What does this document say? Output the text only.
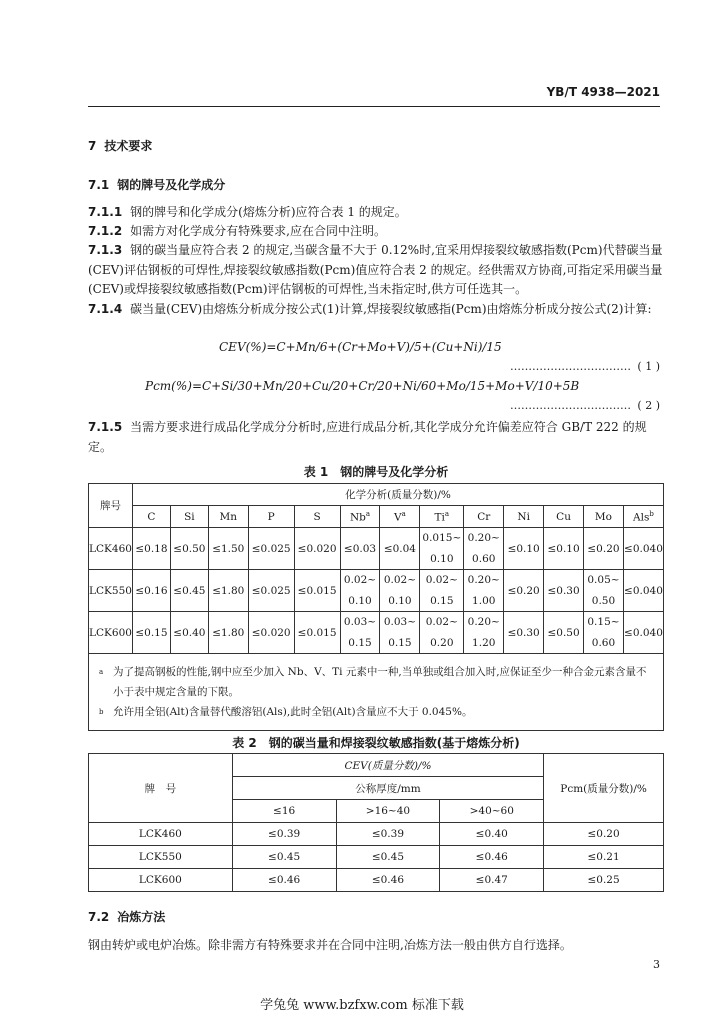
YB/T 4938—2021
7 技术要求
7.1 钢的牌号及化学成分
7.1.1 钢的牌号和化学成分(熔炼分析)应符合表 1 的规定。
7.1.2 如需方对化学成分有特殊要求,应在合同中注明。
7.1.3 钢的碳当量应符合表 2 的规定,当碳含量不大于 0.12%时,宜采用焊接裂纹敏感指数(Pcm)代替碳当量(CEV)评估钢板的可焊性,焊接裂纹敏感指数(Pcm)值应符合表 2 的规定。经供需双方协商,可指定采用碳当量(CEV)或焊接裂纹敏感指数(Pcm)评估钢板的可焊性,当未指定时,供方可任选其一。
7.1.4 碳当量(CEV)由熔炼分析成分按公式(1)计算,焊接裂纹敏感指(Pcm)由熔炼分析成分按公式(2)计算:
CEV(%)=C+Mn/6+(Cr+Mo+V)/5+(Cu+Ni)/15
…………………………… ( 1 )
Pcm(%)=C+Si/30+Mn/20+Cu/20+Cr/20+Ni/60+Mo/15+Mo+V/10+5B
…………………………… ( 2 )
7.1.5 当需方要求进行成品化学成分分析时,应进行成品分析,其化学成分允许偏差应符合 GB/T 222 的规定。
表 1　钢的牌号及化学分析
牌号	化学分析(质量分数)/%												
	C	Si	Mn	P	S	Nb$^a$	$V^a$	Ti$^a$	Cr	Ni	Cu	Mo	Als$^b$
LCK460	≤0.18	≤0.50	≤1.50	≤0.025	≤0.020	≤0.03	≤0.04	0.015~	0.20~	≤0.10	≤0.10	≤0.20	≤0.040
								0.10	0.60				
LCK550	≤0.16	≤0.45	≤1.80	≤0.025	≤0.015	0.02~	0.02~	0.02~	0.20~	≤0.20	≤0.30	0.05~	≤0.040
						0.10	0.10	0.15	1.00			0.50	
LCK600	≤0.15	≤0.40	≤1.80	≤0.020	≤0.015	0.03~	0.03~	0.02~	0.20~	≤0.30	≤0.50	0.15~	≤0.040
						0.15	0.15	0.20	1.20			0.60	

a 为了提高钢板的性能,钢中应至少加入 Nb、V、Ti 元素中一种,当单独或组合加入时,应保证至少一种合金元素含量不小于表中规定含量的下限。
b 允许用全铝(Alt)含量替代酸溶铝(Als),此时全铝(Alt)含量应不大于 0.045%。													
表 2　钢的碳当量和焊接裂纹敏感指数(基于熔炼分析)
牌　号	CEV(质量分数)/%			Pcm(质量分数)/%
	公称厚度/mm			
	≤16	>16~40	>40~60	
LCK460	≤0.39	≤0.39	≤0.40	≤0.20
LCK550	≤0.45	≤0.45	≤0.46	≤0.21
LCK600	≤0.46	≤0.46	≤0.47	≤0.25
7.2 冶炼方法
钢由转炉或电炉冶炼。除非需方有特殊要求并在合同中注明,冶炼方法一般由供方自行选择。
3
学兔兔 www.bzfxw.com 标准下载
